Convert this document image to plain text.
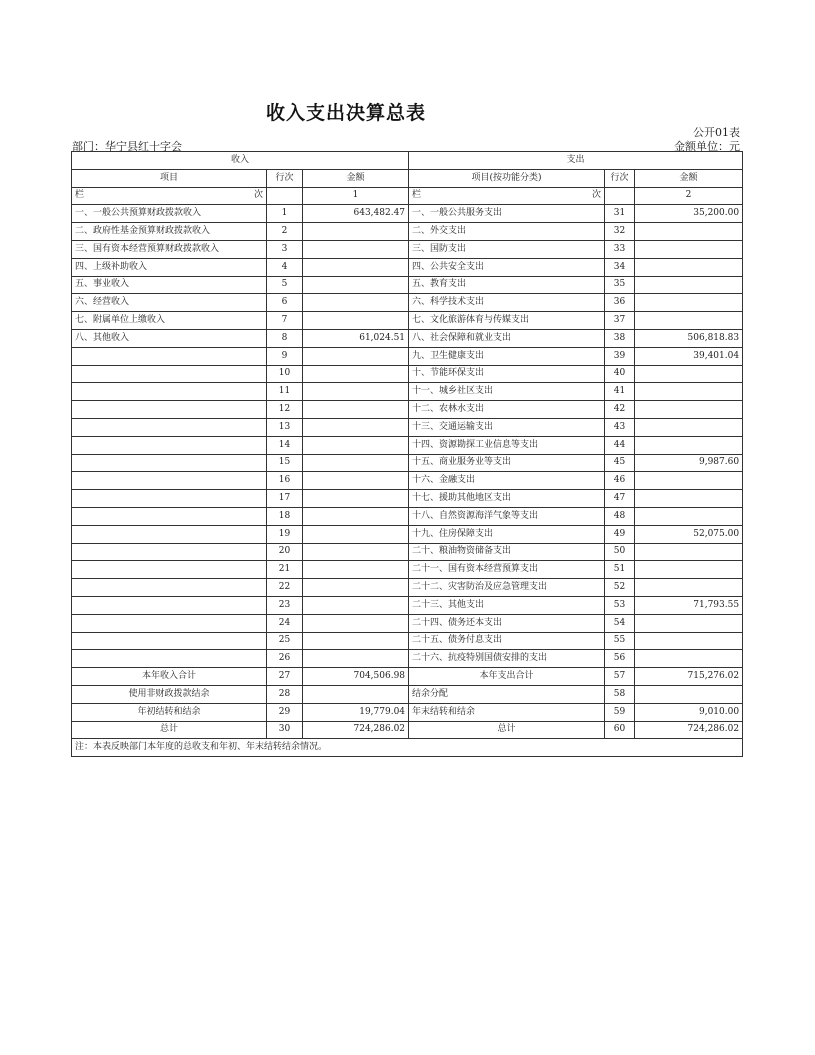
收入支出决算总表
公开01表
部门：华宁县红十字会	金额单位：元
收入			支出		
项目	行次	金额	项目(按功能分类)	行次	金额

栏 次		1	栏 次		2
一、一般公共预算财政拨款收入	1	643,482.47	一、一般公共服务支出	31	35,200.00
二、政府性基金预算财政拨款收入	2		二、外交支出	32	
三、国有资本经营预算财政拨款收入	3		三、国防支出	33	
四、上级补助收入	4		四、公共安全支出	34	
五、事业收入	5		五、教育支出	35	
六、经营收入	6		六、科学技术支出	36	
七、附属单位上缴收入	7		七、文化旅游体育与传媒支出	37	
八、其他收入	8	61,024.51	八、社会保障和就业支出	38	506,818.83
	9		九、卫生健康支出	39	39,401.04
	10		十、节能环保支出	40	
	11		十一、城乡社区支出	41	
	12		十二、农林水支出	42	
	13		十三、交通运输支出	43	
	14		十四、资源勘探工业信息等支出	44	
	15		十五、商业服务业等支出	45	9,987.60
	16		十六、金融支出	46	
	17		十七、援助其他地区支出	47	
	18		十八、自然资源海洋气象等支出	48	
	19		十九、住房保障支出	49	52,075.00
	20		二十、粮油物资储备支出	50	
	21		二十一、国有资本经营预算支出	51	
	22		二十二、灾害防治及应急管理支出	52	
	23		二十三、其他支出	53	71,793.55
	24		二十四、债务还本支出	54	
	25		二十五、债务付息支出	55	
	26		二十六、抗疫特别国债安排的支出	56	
本年收入合计	27	704,506.98	本年支出合计	57	715,276.02
使用非财政拨款结余	28		结余分配	58	
年初结转和结余	29	19,779.04	年末结转和结余	59	9,010.00
总计	30	724,286.02	总计	60	724,286.02
注：本表反映部门本年度的总收支和年初、年末结转结余情况。					
